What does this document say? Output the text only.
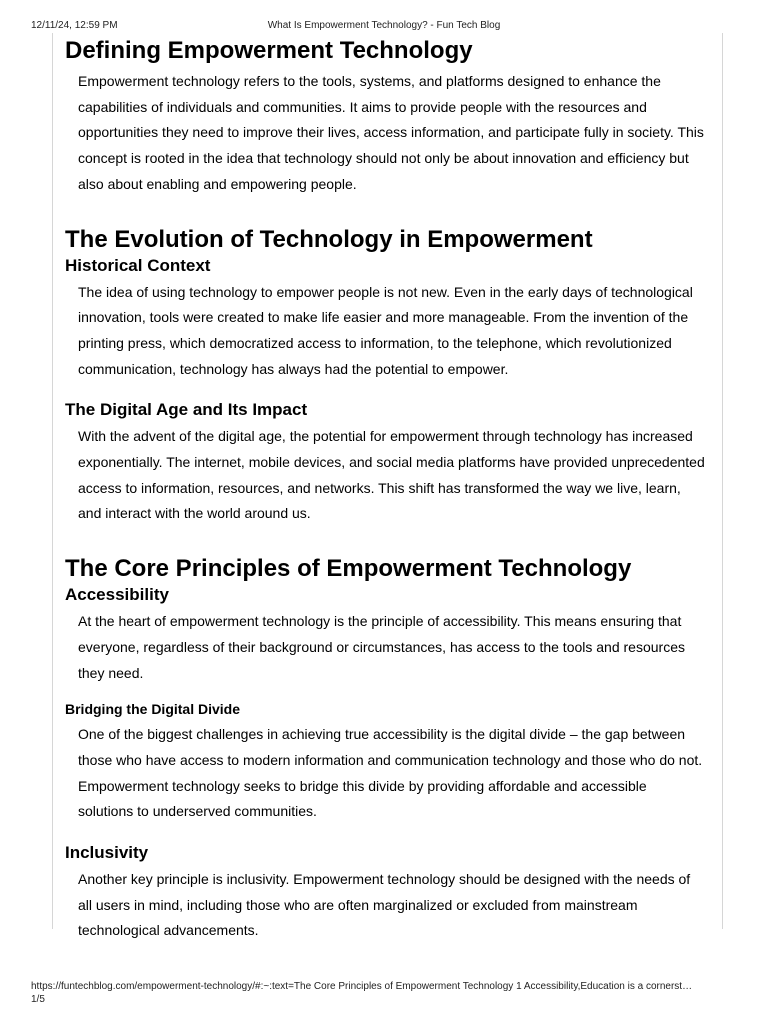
12/11/24, 12:59 PM	What Is Empowerment Technology? - Fun Tech Blog
Defining Empowerment Technology

Empowerment technology refers to the tools, systems, and platforms designed to enhance the capabilities of individuals and communities. It aims to provide people with the resources and opportunities they need to improve their lives, access information, and participate fully in society. This concept is rooted in the idea that technology should not only be about innovation and efficiency but also about enabling and empowering people.

The Evolution of Technology in Empowerment
Historical Context

The idea of using technology to empower people is not new. Even in the early days of technological innovation, tools were created to make life easier and more manageable. From the invention of the printing press, which democratized access to information, to the telephone, which revolutionized communication, technology has always had the potential to empower.

The Digital Age and Its Impact

With the advent of the digital age, the potential for empowerment through technology has increased exponentially. The internet, mobile devices, and social media platforms have provided unprecedented access to information, resources, and networks. This shift has transformed the way we live, learn, and interact with the world around us.

The Core Principles of Empowerment Technology
Accessibility

At the heart of empowerment technology is the principle of accessibility. This means ensuring that everyone, regardless of their background or circumstances, has access to the tools and resources they need.

Bridging the Digital Divide

One of the biggest challenges in achieving true accessibility is the digital divide – the gap between those who have access to modern information and communication technology and those who do not. Empowerment technology seeks to bridge this divide by providing affordable and accessible solutions to underserved communities.

Inclusivity

Another key principle is inclusivity. Empowerment technology should be designed with the needs of all users in mind, including those who are often marginalized or excluded from mainstream technological advancements.

https://funtechblog.com/empowerment-technology/#:~:text=The Core Principles of Empowerment Technology 1 Accessibility,Education is a cornerst…
1/5
